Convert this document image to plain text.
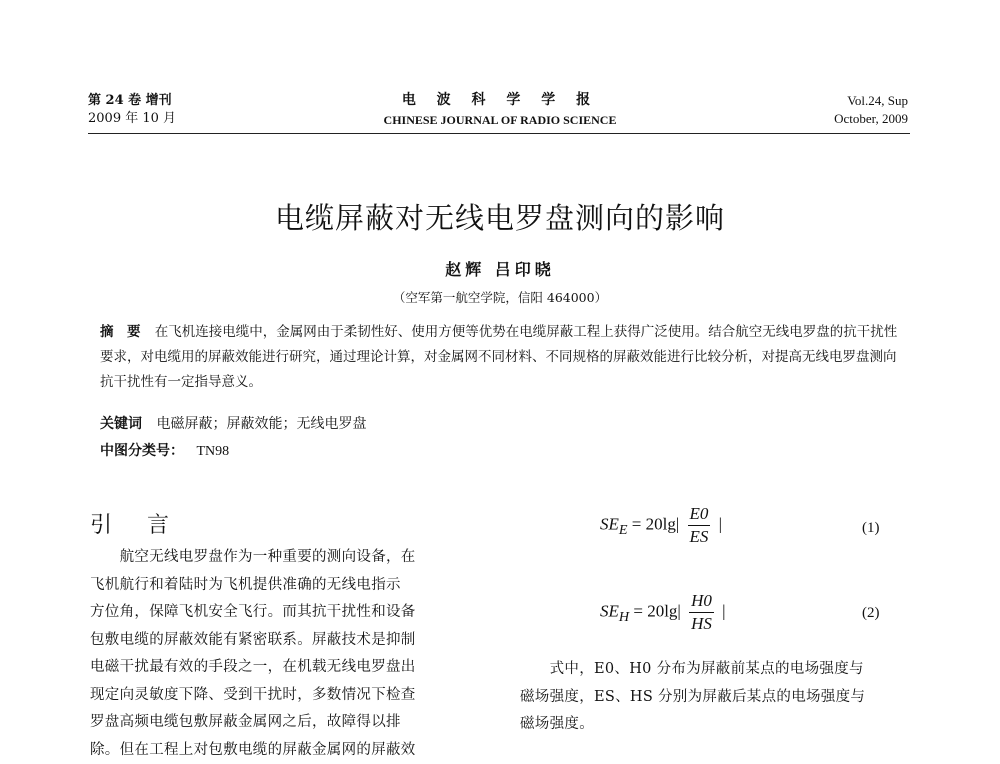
第 24 卷 增刊
2009 年 10 月
电 波 科 学 学 报
CHINESE JOURNAL OF RADIO SCIENCE
Vol.24, Sup
October, 2009
电缆屏蔽对无线电罗盘测向的影响
赵辉 吕印晓
（空军第一航空学院，信阳 464000）
摘　要 在飞机连接电缆中，金属网由于柔韧性好、使用方便等优势在电缆屏蔽工程上获得广泛使用。结合航空无线电罗盘的抗干扰性要求，对电缆用的屏蔽效能进行研究，通过理论计算，对金属网不同材料、不同规格的屏蔽效能进行比较分析，对提高无线电罗盘测向抗干扰性有一定指导意义。
关键词 电磁屏蔽；屏蔽效能；无线电罗盘
中图分类号： TN98
引 言
　　航空无线电罗盘作为一种重要的测向设备，在
飞机航行和着陆时为飞机提供准确的无线电指示
方位角，保障飞机安全飞行。而其抗干扰性和设备
包敷电缆的屏蔽效能有紧密联系。屏蔽技术是抑制
电磁干扰最有效的手段之一，在机载无线电罗盘出
现定向灵敏度下降、受到干扰时，多数情况下检查
罗盘高频电缆包敷屏蔽金属网之后，故障得以排
除。但在工程上对包敷电缆的屏蔽金属网的屏蔽效
$SE_E = 20\lg| \frac{E0}{ES}$ |	(1)
$SE_H = 20\lg| \frac{H0}{HS}$ |	(2)
　　式中，E0、H0 分布为屏蔽前某点的电场强度与
磁场强度，ES、HS 分别为屏蔽后某点的电场强度与
磁场强度。
